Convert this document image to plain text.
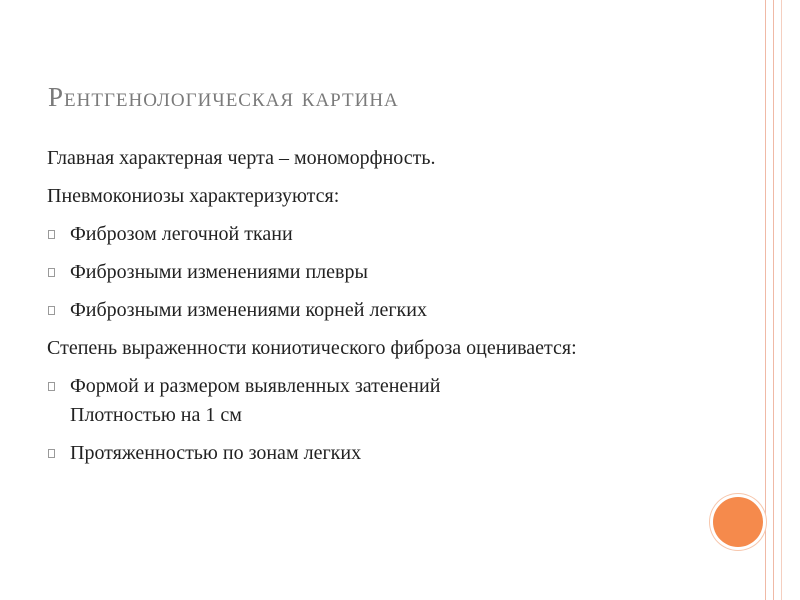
Рентгенологическая картина
Главная характерная черта – мономорфность.
Пневмокониозы характеризуются:
Фиброзом легочной ткани
Фиброзными изменениями плевры
Фиброзными изменениями корней легких
Степень выраженности кониотического фиброза оценивается:
Формой и размером выявленных затенений
Плотностью на 1 см
Протяженностью по зонам легких
